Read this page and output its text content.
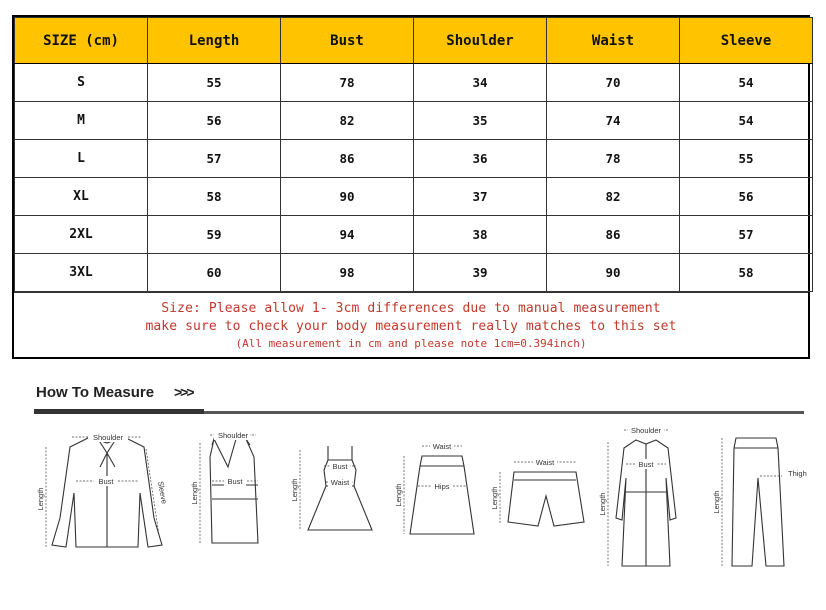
SIZE (cm)	Length	Bust	Shoulder	Waist	Sleeve
S	55	78	34	70	54
M	56	82	35	74	54
L	57	86	36	78	55
XL	58	90	37	82	56
2XL	59	94	38	86	57
3XL	60	98	39	90	58
Size: Please allow 1- 3cm differences due to manual measurement
make sure to check your body measurement really matches to this set
(All measurement in cm and please note 1cm=0.394inch)
How To Measure >>>
Shoulder
Bust
Length	Sleeve
Shoulder
Bust
Length
Bust
Waist
Length
Waist
Hips
Length
Waist
Length
Shoulder
Bust
Length
Thigh
Length
